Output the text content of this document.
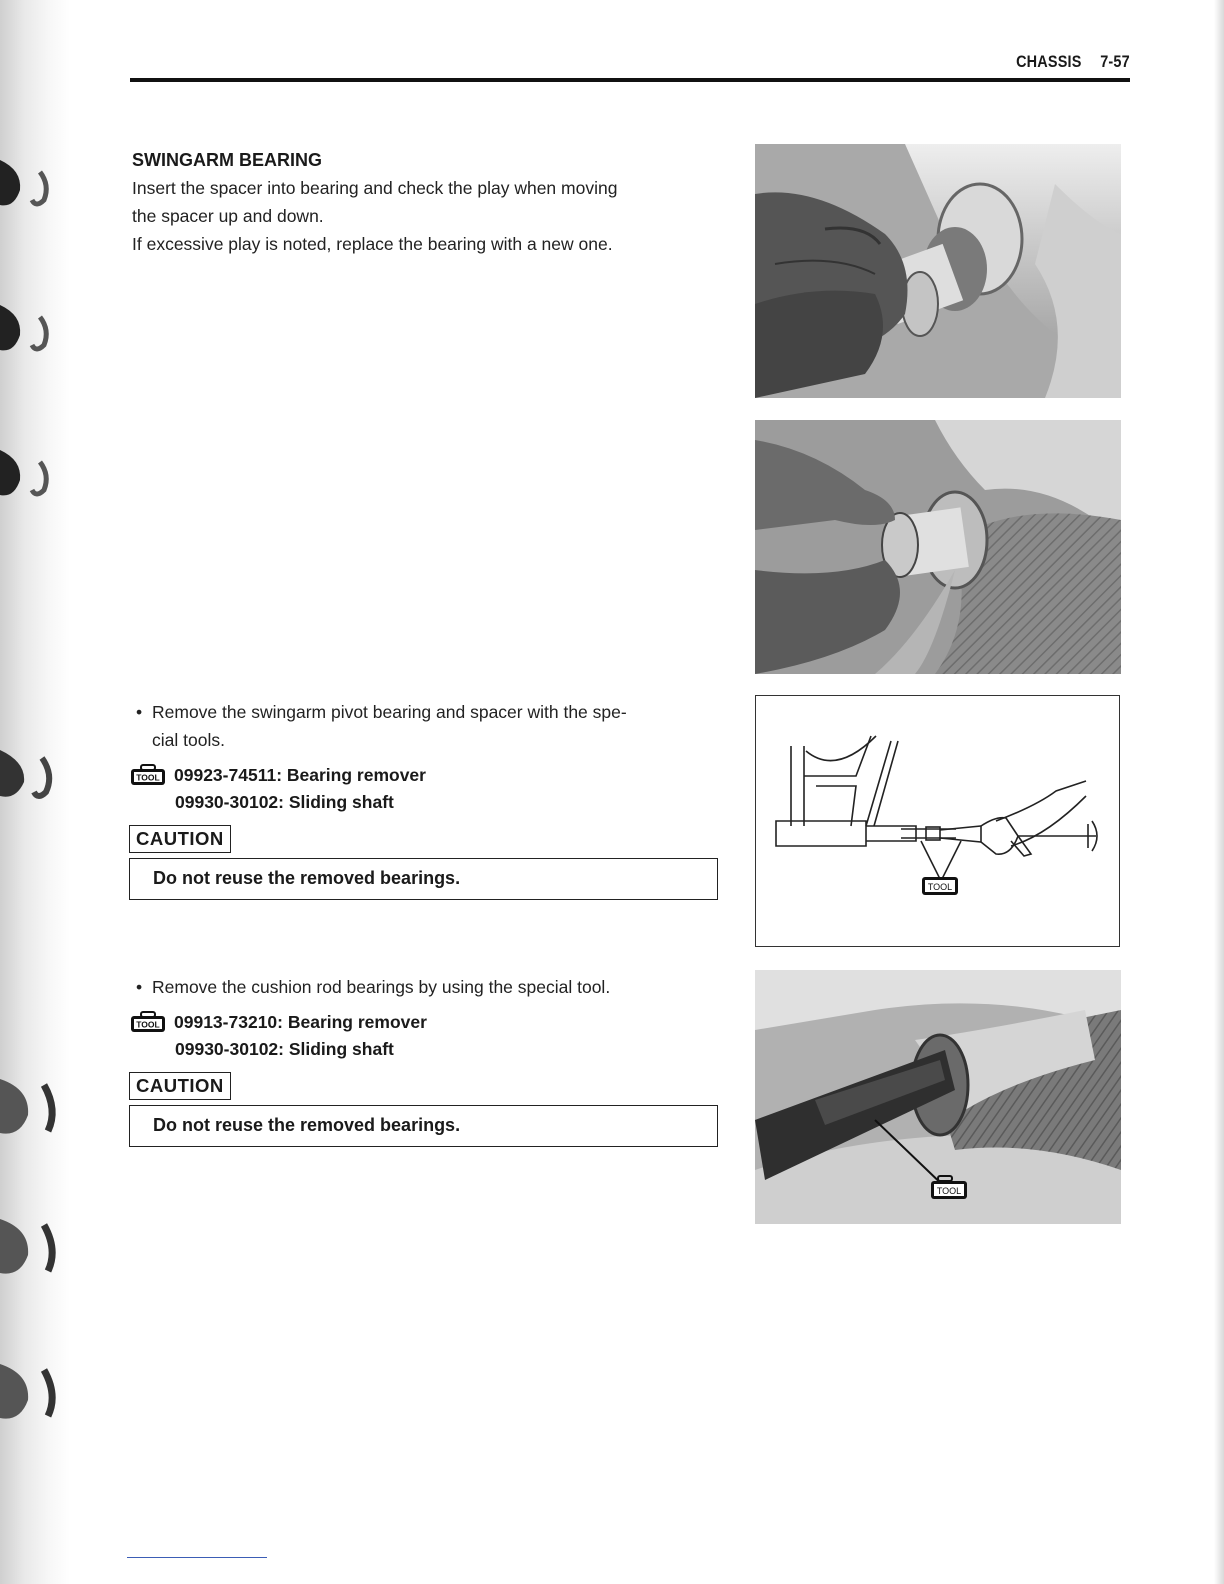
CHASSIS 7-57
SWINGARM BEARING
Insert the spacer into bearing and check the play when moving
the spacer up and down.
If excessive play is noted, replace the bearing with a new one.
• Remove the swingarm pivot bearing and spacer with the spe-
cial tools.
TOOL 09923-74511: Bearing remover
09930-30102: Sliding shaft
CAUTION
Do not reuse the removed bearings.
• Remove the cushion rod bearings by using the special tool.
TOOL 09913-73210: Bearing remover
09930-30102: Sliding shaft
CAUTION
Do not reuse the removed bearings.
TOOL
TOOL
